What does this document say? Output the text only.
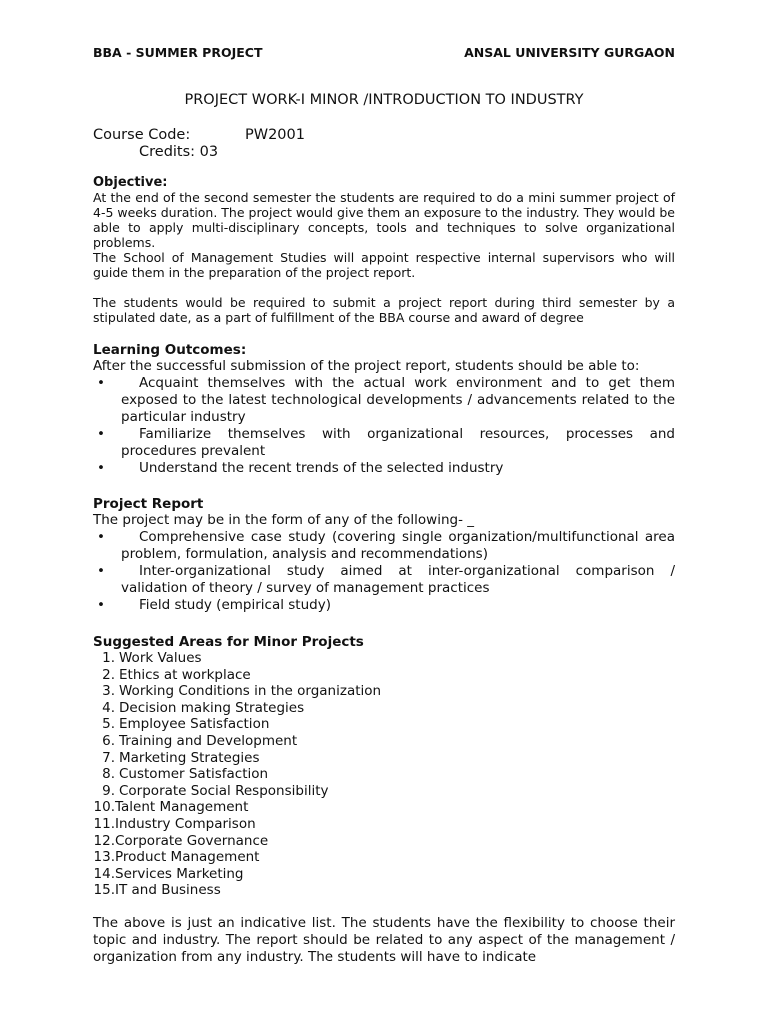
BBA - SUMMER PROJECT	ANSAL UNIVERSITY GURGAON
PROJECT WORK-I MINOR /INTRODUCTION TO INDUSTRY
Course Code:	PW2001
Credits: 03
Objective:
At the end of the second semester the students are required to do a mini summer project of 4-5 weeks duration. The project would give them an exposure to the industry. They would be able to apply multi-disciplinary concepts, tools and techniques to solve organizational problems.
The School of Management Studies will appoint respective internal supervisors who will guide them in the preparation of the project report.
The students would be required to submit a project report during third semester by a stipulated date, as a part of fulfillment of the BBA course and award of degree
Learning Outcomes:
After the successful submission of the project report, students should be able to:
•	Acquaint themselves with the actual work environment and to get them exposed to the latest technological developments / advancements related to the particular industry
•	Familiarize themselves with organizational resources, processes and procedures prevalent
•	Understand the recent trends of the selected industry
Project Report
The project may be in the form of any of the following- _
•	Comprehensive case study (covering single organization/multifunctional area problem, formulation, analysis and recommendations)
•	Inter-organizational study aimed at inter-organizational comparison / validation of theory / survey of management practices
•	Field study (empirical study)
Suggested Areas for Minor Projects
1. Work Values
2. Ethics at workplace
3. Working Conditions in the organization
4. Decision making Strategies
5. Employee Satisfaction
6. Training and Development
7. Marketing Strategies
8. Customer Satisfaction
9. Corporate Social Responsibility
10.Talent Management
11.Industry Comparison
12.Corporate Governance
13.Product Management
14.Services Marketing
15.IT and Business
The above is just an indicative list. The students have the flexibility to choose their topic and industry. The report should be related to any aspect of the management / organization from any industry. The students will have to indicate
